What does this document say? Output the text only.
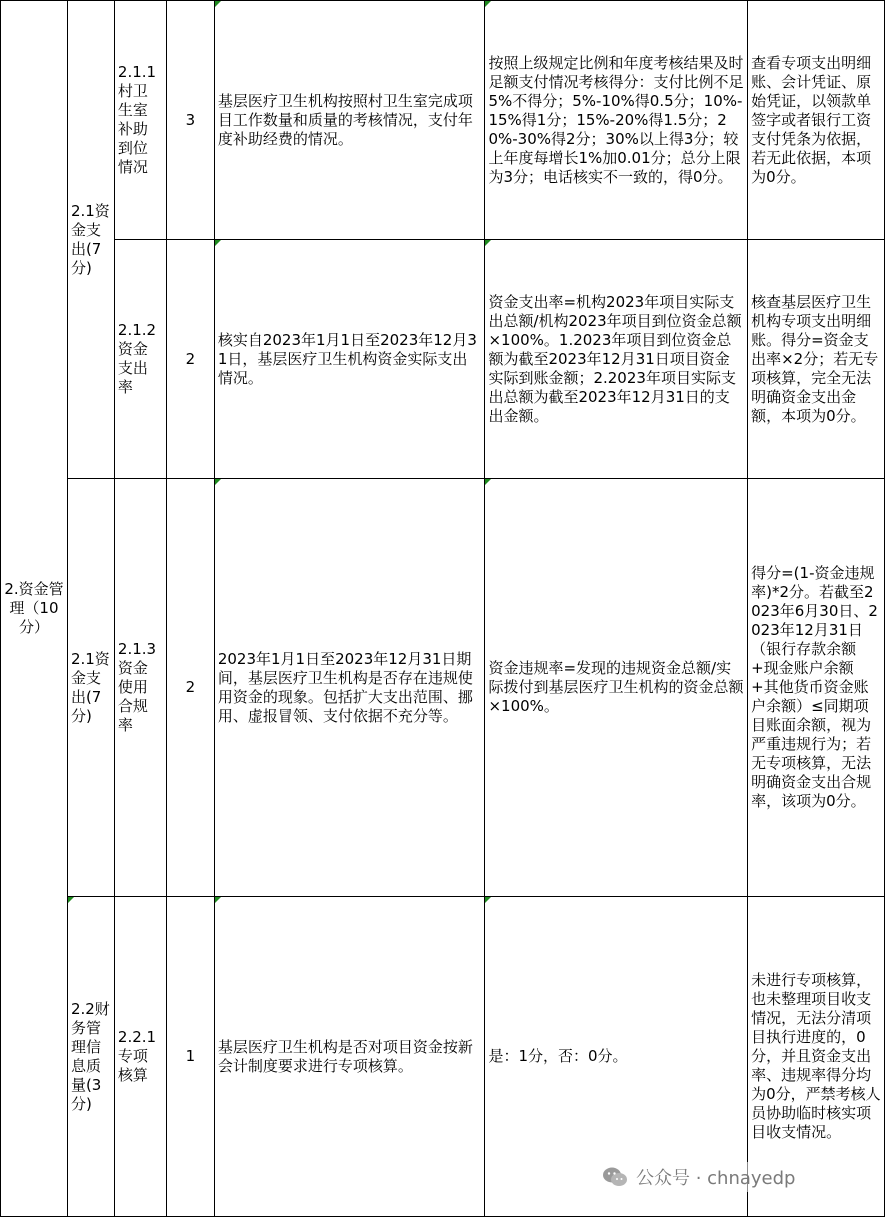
2.资金管理（10分）	2.1资金支出(7分)	2.1.1村卫生室补助到位情况	3	基层医疗卫生机构按照村卫生室完成项目工作数量和质量的考核情况，支付年度补助经费的情况。	按照上级规定比例和年度考核结果及时足额支付情况考核得分：支付比例不足5%不得分；5%-10%得0.5分；10%-15%得1分；15%-20%得1.5分；20%-30%得2分；30%以上得3分；较上年度每增长1%加0.01分；总分上限为3分；电话核实不一致的，得0分。	查看专项支出明细账、会计凭证、原始凭证，以领款单签字或者银行工资支付凭条为依据，若无此依据，本项为0分。
		2.1.2资金支出率	2	核实自2023年1月1日至2023年12月31日，基层医疗卫生机构资金实际支出情况。	资金支出率=机构2023年项目实际支出总额/机构2023年项目到位资金总额×100%。1.2023年项目到位资金总额为截至2023年12月31日项目资金实际到账金额；2.2023年项目实际支出总额为截至2023年12月31日的支出金额。	核查基层医疗卫生机构专项支出明细账。得分=资金支出率×2分；若无专项核算，完全无法明确资金支出金额，本项为0分。
	2.1资金支出(7分)	2.1.3资金使用合规率	2	2023年1月1日至2023年12月31日期间，基层医疗卫生机构是否存在违规使用资金的现象。包括扩大支出范围、挪用、虚报冒领、支付依据不充分等。	资金违规率=发现的违规资金总额/实际拨付到基层医疗卫生机构的资金总额×100%。	得分=(1-资金违规率)*2分。若截至2023年6月30日、2023年12月31日（银行存款余额+现金账户余额+其他货币资金账户余额）≤同期项目账面余额，视为严重违规行为；若无专项核算，无法明确资金支出合规率，该项为0分。
	2.2财务管理信息质量(3分)	2.2.1专项核算	1	基层医疗卫生机构是否对项目资金按新会计制度要求进行专项核算。	是：1分，否：0分。	未进行专项核算，也未整理项目收支情况，无法分清项目执行进度的，0分，并且资金支出率、违规率得分均为0分，严禁考核人员协助临时核实项目收支情况。
公众号 · chnayedp
